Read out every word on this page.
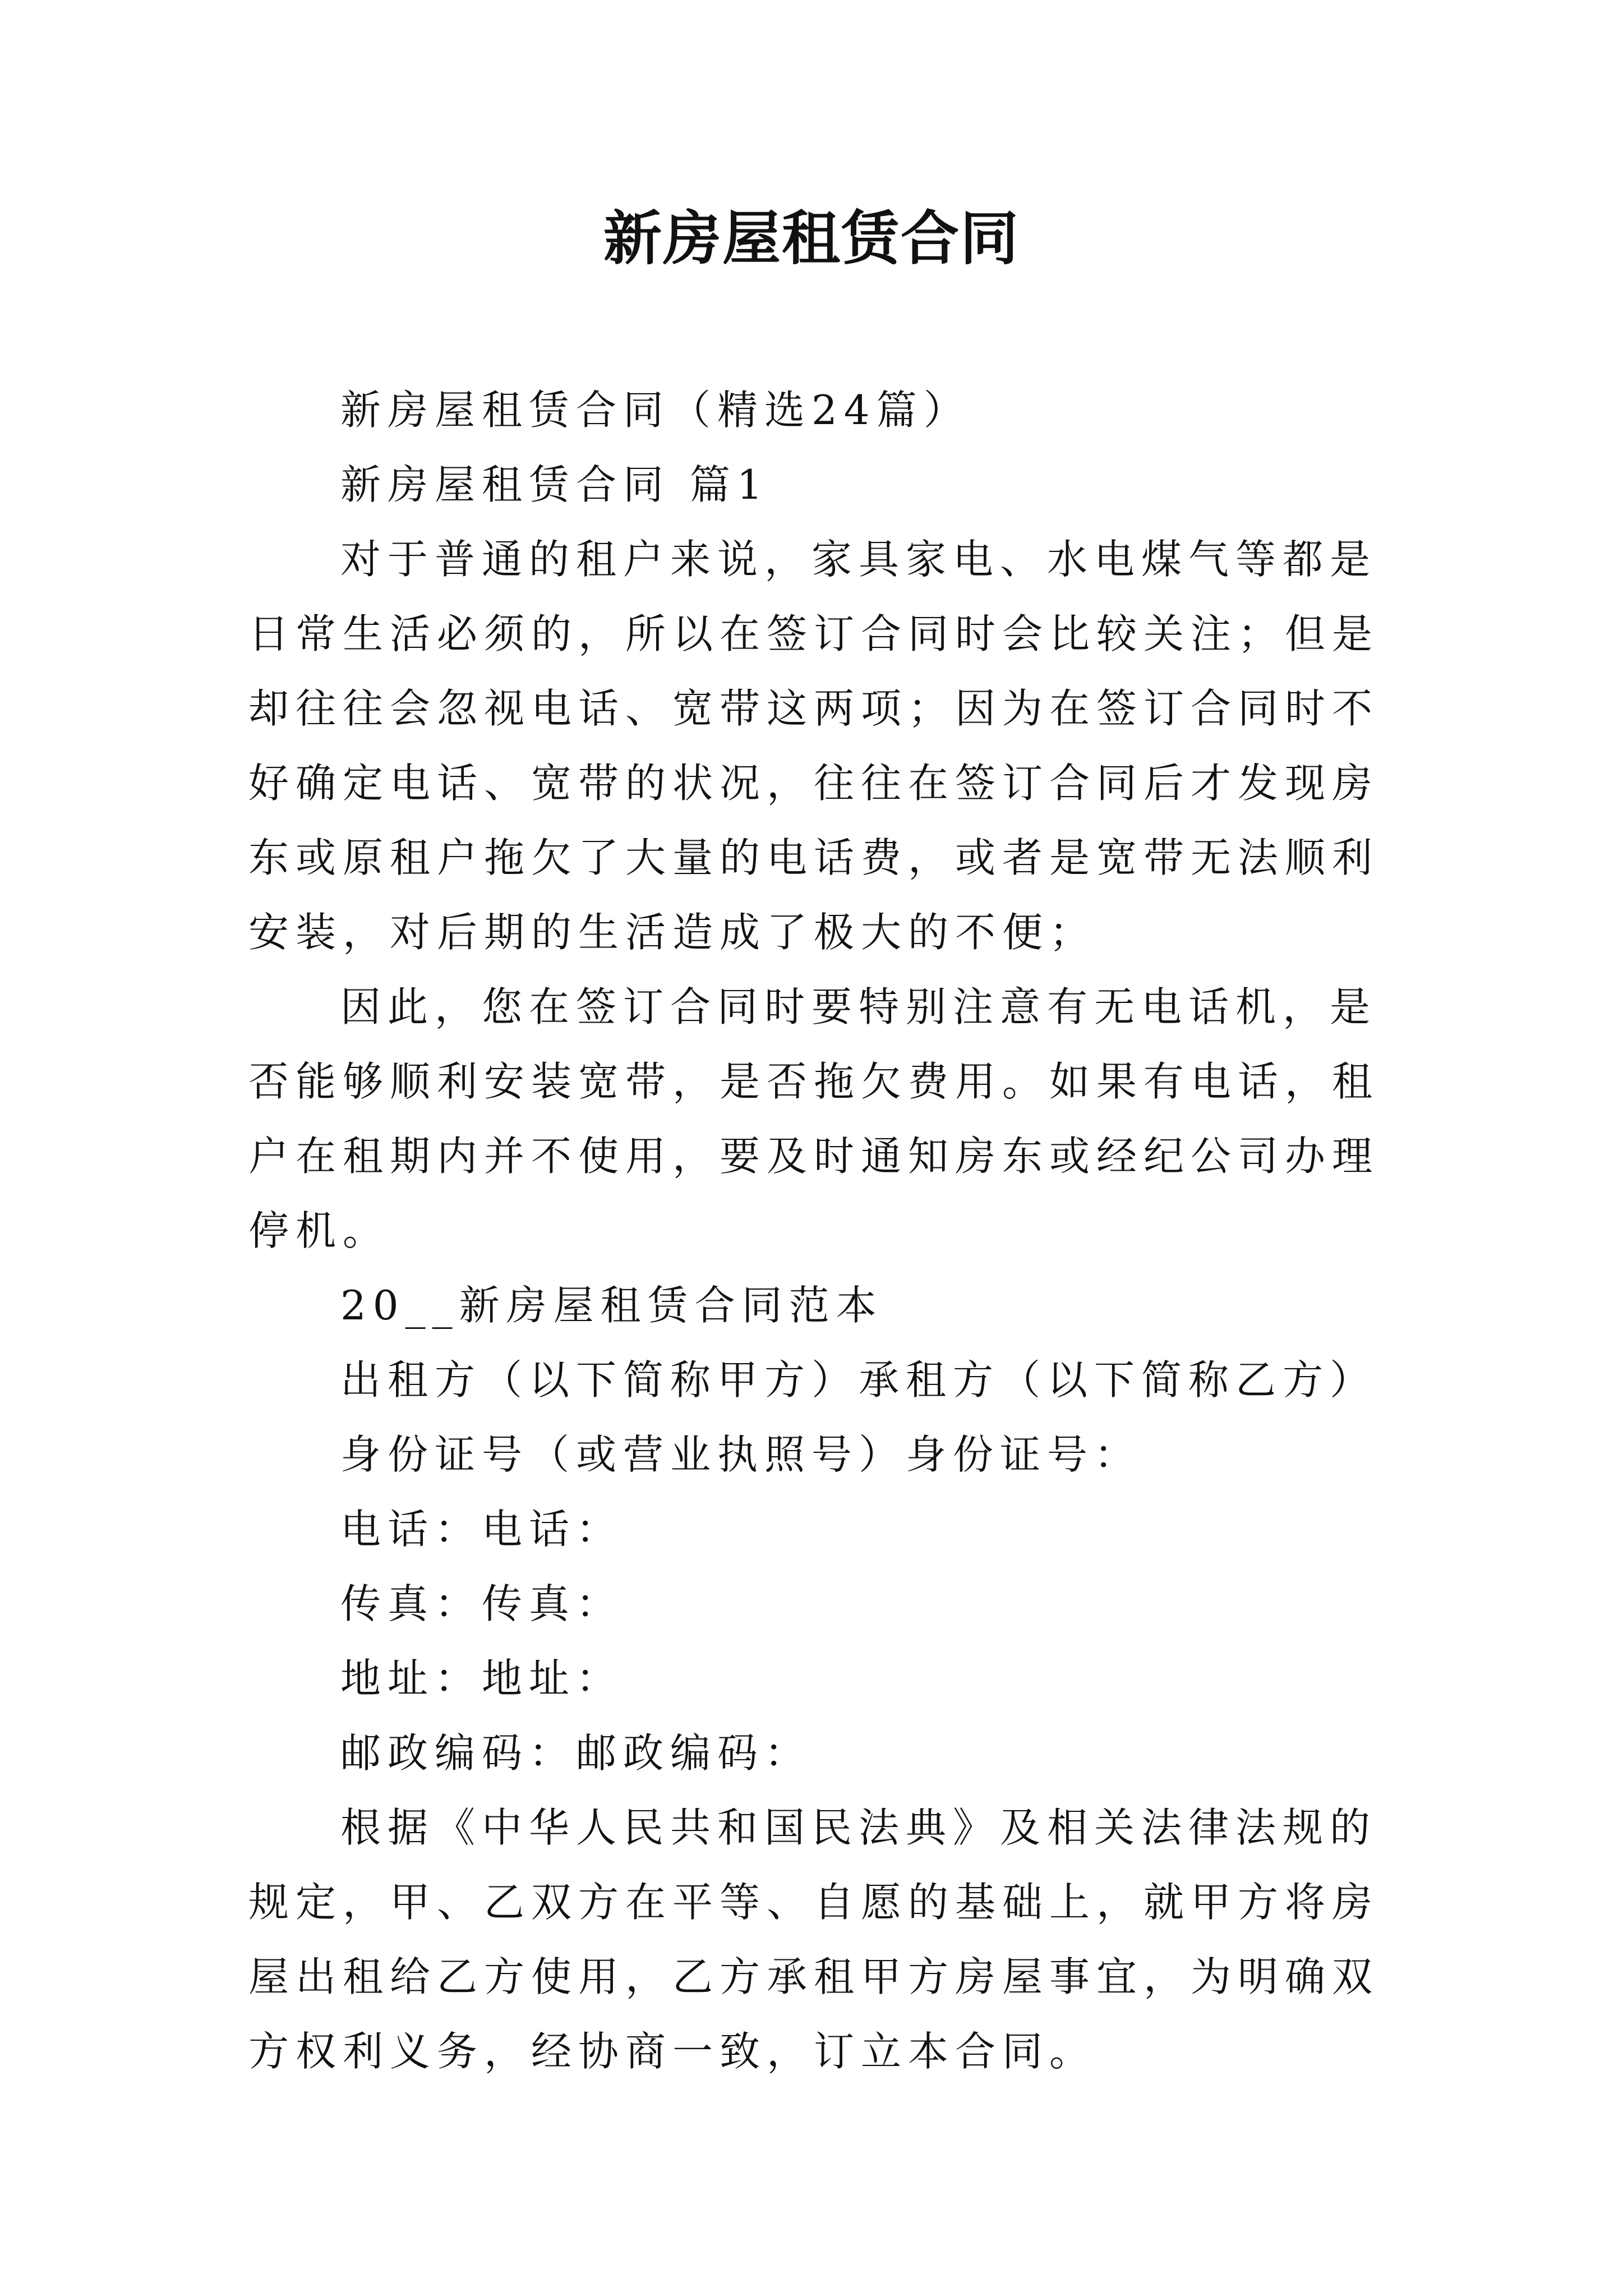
新房屋租赁合同

新房屋租赁合同（精选24篇）

新房屋租赁合同 篇1

对于普通的租户来说，家具家电、水电煤气等都是日常生活必须的，所以在签订合同时会比较关注；但是却往往会忽视电话、宽带这两项；因为在签订合同时不好确定电话、宽带的状况，往往在签订合同后才发现房东或原租户拖欠了大量的电话费，或者是宽带无法顺利安装，对后期的生活造成了极大的不便；

因此，您在签订合同时要特别注意有无电话机，是否能够顺利安装宽带，是否拖欠费用。如果有电话，租户在租期内并不使用，要及时通知房东或经纪公司办理停机。

20__新房屋租赁合同范本

出租方（以下简称甲方）承租方（以下简称乙方）

身份证号（或营业执照号）身份证号：

电话：电话：

传真：传真：

地址：地址：

邮政编码：邮政编码：

根据《中华人民共和国民法典》及相关法律法规的规定，甲、乙双方在平等、自愿的基础上，就甲方将房屋出租给乙方使用，乙方承租甲方房屋事宜，为明确双方权利义务，经协商一致，订立本合同。
